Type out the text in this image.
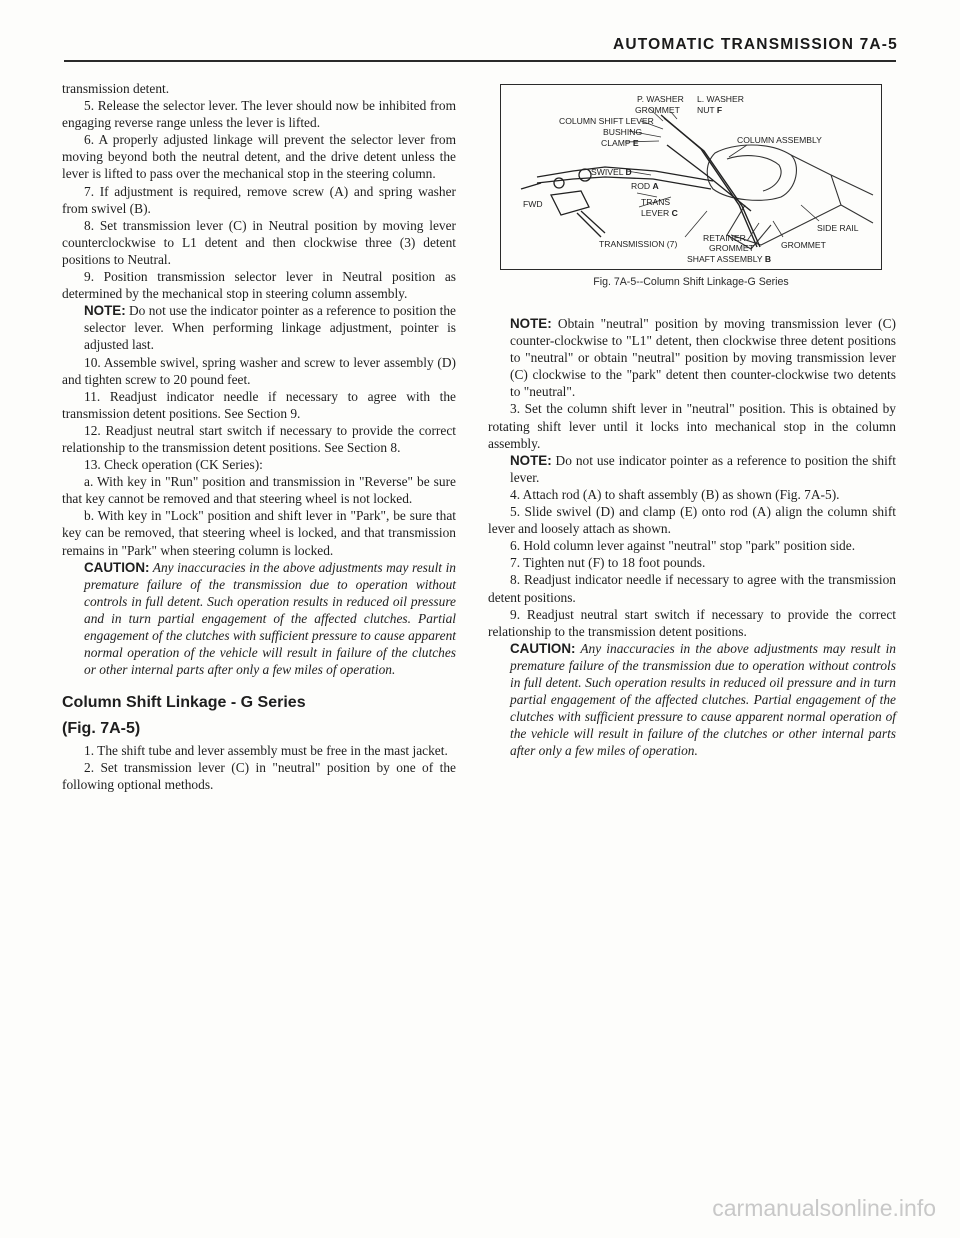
AUTOMATIC TRANSMISSION 7A-5

transmission detent.

5. Release the selector lever. The lever should now be inhibited from engaging reverse range unless the lever is lifted.

6. A properly adjusted linkage will prevent the selector lever from moving beyond both the neutral detent, and the drive detent unless the lever is lifted to pass over the mechanical stop in the steering column.

7. If adjustment is required, remove screw (A) and spring washer from swivel (B).

8. Set transmission lever (C) in Neutral position by moving lever counterclockwise to L1 detent and then clockwise three (3) detent positions to Neutral.

9. Position transmission selector lever in Neutral position as determined by the mechanical stop in steering column assembly.

NOTE: Do not use the indicator pointer as a reference to position the selector lever. When performing linkage adjustment, pointer is adjusted last.

10. Assemble swivel, spring washer and screw to lever assembly (D) and tighten screw to 20 pound feet.

11. Readjust indicator needle if necessary to agree with the transmission detent positions. See Section 9.

12. Readjust neutral start switch if necessary to provide the correct relationship to the transmission detent positions. See Section 8.

13. Check operation (CK Series):

a. With key in "Run" position and transmission in "Reverse" be sure that key cannot be removed and that steering wheel is not locked.

b. With key in "Lock" position and shift lever in "Park", be sure that key can be removed, that steering wheel is locked, and that transmission remains in "Park" when steering column is locked.

CAUTION: Any inaccuracies in the above adjustments may result in premature failure of the transmission due to operation without controls in full detent. Such operation results in reduced oil pressure and in turn partial engagement of the affected clutches. Partial engagement of the clutches with sufficient pressure to cause apparent normal operation of the vehicle will result in failure of the clutches or other internal parts after only a few miles of operation.

Column Shift Linkage - G Series

(Fig. 7A-5)

1. The shift tube and lever assembly must be free in the mast jacket.

2. Set transmission lever (C) in "neutral" position by one of the following optional methods.

P. WASHER
GROMMET
COLUMN SHIFT LEVER
BUSHING
CLAMP E
L. WASHER
NUT F
COLUMN ASSEMBLY
SWIVEL D
ROD A
TRANS
LEVER C
FWD
SIDE RAIL
TRANSMISSION (7)
RETAINER
GROMMET	GROMMET
SHAFT ASSEMBLY B
Fig. 7A-5--Column Shift Linkage-G Series

NOTE: Obtain "neutral" position by moving transmission lever (C) counter-clockwise to "L1" detent, then clockwise three detent positions to "neutral" or obtain "neutral" position by moving transmission lever (C) clockwise to the "park" detent then counter-clockwise two detents to "neutral".

3. Set the column shift lever in "neutral" position. This is obtained by rotating shift lever until it locks into mechanical stop in the column assembly.

NOTE: Do not use indicator pointer as a reference to position the shift lever.

4. Attach rod (A) to shaft assembly (B) as shown (Fig. 7A-5).

5. Slide swivel (D) and clamp (E) onto rod (A) align the column shift lever and loosely attach as shown.

6. Hold column lever against "neutral" stop "park" position side.

7. Tighten nut (F) to 18 foot pounds.

8. Readjust indicator needle if necessary to agree with the transmission detent positions.

9. Readjust neutral start switch if necessary to provide the correct relationship to the transmission detent positions.

CAUTION: Any inaccuracies in the above adjustments may result in premature failure of the transmission due to operation without controls in full detent. Such operation results in reduced oil pressure and in turn partial engagement of the affected clutches. Partial engagement of the clutches with sufficient pressure to cause apparent normal operation of the vehicle will result in failure of the clutches or other internal parts after only a few miles of operation.

carmanualsonline.info
